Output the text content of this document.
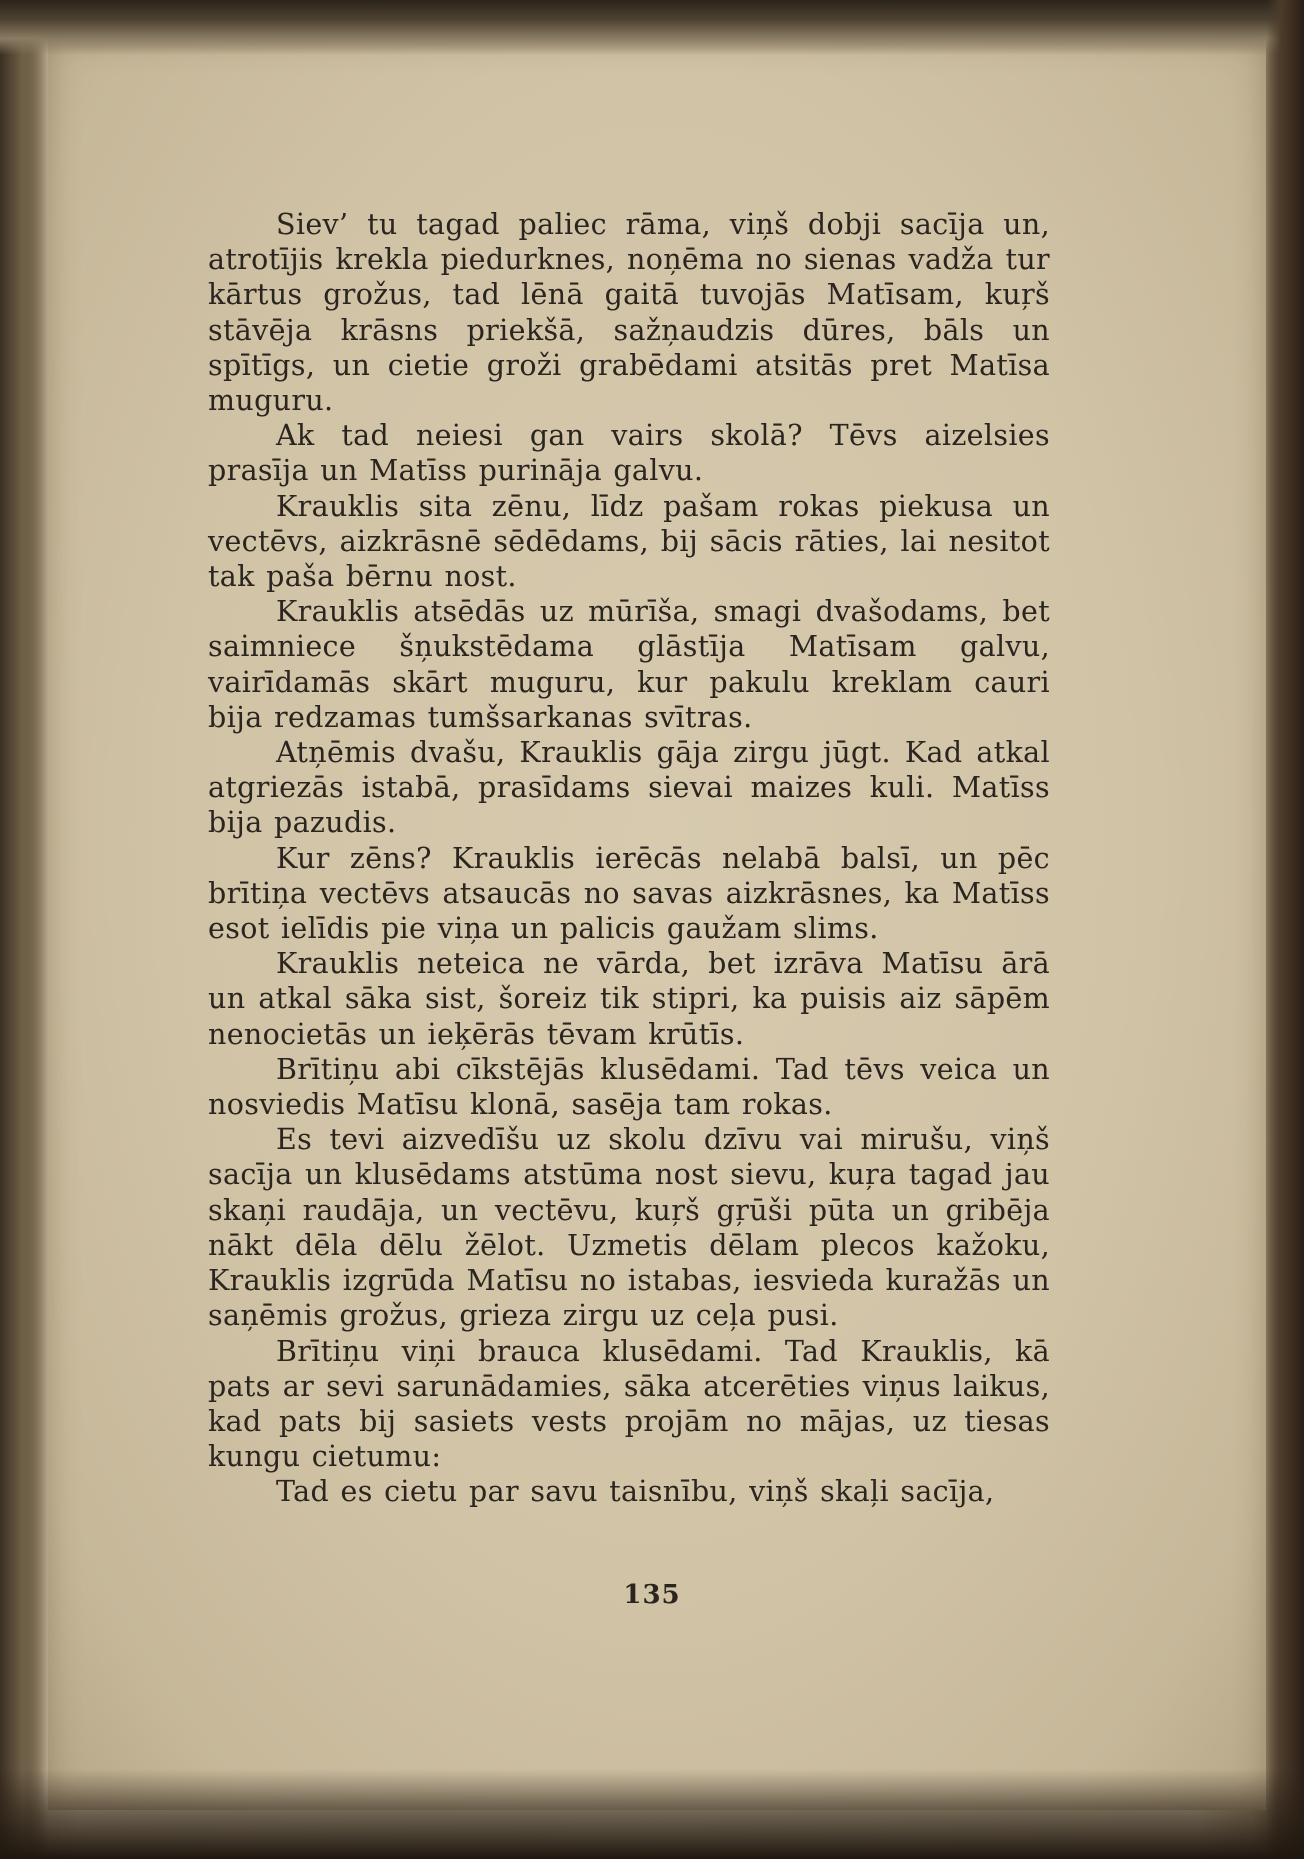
Siev’ tu tagad paliec rāma, viņš dobji sacīja un, atrotījis krekla piedurknes, noņēma no sienas vadža tur kārtus grožus, tad lēnā gaitā tuvojās Matīsam, kuŗš stāvēja krāsns priekšā, sažņaudzis dūres, bāls un spītīgs, un cietie groži grabēdami atsitās pret Matīsa muguru.

Ak tad neiesi gan vairs skolā? Tēvs aizelsies prasīja un Matīss purināja galvu.

Krauklis sita zēnu, līdz pašam rokas piekusa un vectēvs, aizkrāsnē sēdēdams, bij sācis rāties, lai nesitot tak paša bērnu nost.

Krauklis atsēdās uz mūrīša, smagi dvašodams, bet saimniece šņukstēdama glāstīja Matīsam galvu, vairīdamās skārt muguru, kur pakulu kreklam cauri bija redzamas tumšsarkanas svītras.

Atņēmis dvašu, Krauklis gāja zirgu jūgt. Kad atkal atgriezās istabā, prasīdams sievai maizes kuli. Matīss bija pazudis.

Kur zēns? Krauklis ierēcās nelabā balsī, un pēc brītiņa vectēvs atsaucās no savas aizkrāsnes, ka Matīss esot ielīdis pie viņa un palicis gaužam slims.

Krauklis neteica ne vārda, bet izrāva Matīsu ārā un atkal sāka sist, šoreiz tik stipri, ka puisis aiz sāpēm nenocietās un ieķērās tēvam krūtīs.

Brītiņu abi cīkstējās klusēdami. Tad tēvs veica un nosviedis Matīsu klonā, sasēja tam rokas.

Es tevi aizvedīšu uz skolu dzīvu vai mirušu, viņš sacīja un klusēdams atstūma nost sievu, kuŗa tagad jau skaņi raudāja, un vectēvu, kuŗš gŗūši pūta un gribēja nākt dēla dēlu žēlot. Uzmetis dēlam plecos kažoku, Krauklis izgrūda Matīsu no istabas, iesvieda kuražās un saņēmis grožus, grieza zirgu uz ceļa pusi.

Brītiņu viņi brauca klusēdami. Tad Krauklis, kā pats ar sevi sarunādamies, sāka atcerēties viņus laikus, kad pats bij sasiets vests projām no mājas, uz tiesas kungu cietumu:

Tad es cietu par savu taisnību, viņš skaļi sacīja,

135
